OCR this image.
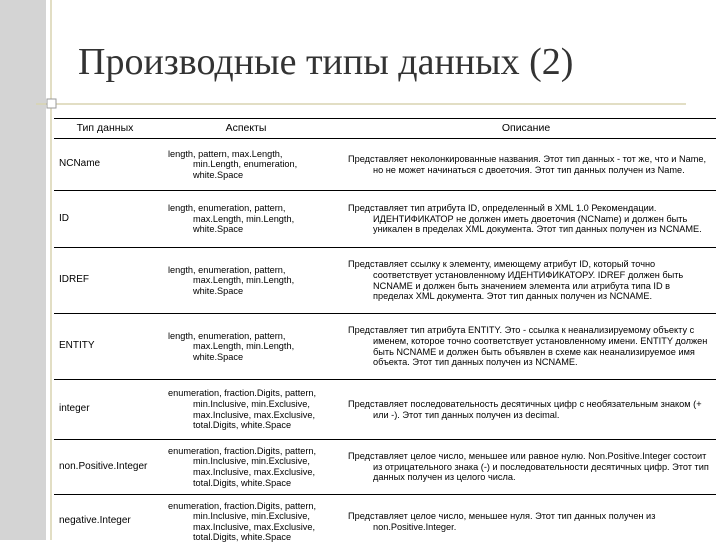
Производные типы данных (2)
Тип данных	Аспекты	Описание
NCName	length, pattern, max.Length, min.Length, enumeration, white.Space	Представляет неколонкированные названия. Этот тип данных - тот же, что и Name, но не может начинаться с двоеточия. Этот тип данных получен из Name.

ID	length, enumeration, pattern, max.Length, min.Length, white.Space	Представляет тип атрибута ID, определенный в XML 1.0 Рекомендации. ИДЕНТИФИКАТОР не должен иметь двоеточия (NCName) и должен быть уникален в пределах XML документа. Этот тип данных получен из NCNAME.

IDREF	length, enumeration, pattern, max.Length, min.Length, white.Space	Представляет ссылку к элементу, имеющему атрибут ID, который точно соответствует установленному ИДЕНТИФИКАТОРУ. IDREF должен быть NCNAME и должен быть значением элемента или атрибута типа ID в пределах XML документа. Этот тип данных получен из NCNAME.

ENTITY	length, enumeration, pattern, max.Length, min.Length, white.Space	Представляет тип атрибута ENTITY. Это - ссылка к неанализируемому объекту с именем, которое точно соответствует установленному имени. ENTITY должен быть NCNAME и должен быть объявлен в схеме как неанализируемое имя объекта. Этот тип данных получен из NCNAME.

integer	enumeration, fraction.Digits, pattern, min.Inclusive, min.Exclusive, max.Inclusive, max.Exclusive, total.Digits, white.Space	Представляет последовательность десятичных цифр с необязательным знаком (+ или -). Этот тип данных получен из decimal.

non.Positive.Integer	enumeration, fraction.Digits, pattern, min.Inclusive, min.Exclusive, max.Inclusive, max.Exclusive, total.Digits, white.Space	Представляет целое число, меньшее или равное нулю. Non.Positive.Integer состоит из отрицательного знака (-) и последовательности десятичных цифр. Этот тип данных получен из целого числа.

negative.Integer	enumeration, fraction.Digits, pattern, min.Inclusive, min.Exclusive, max.Inclusive, max.Exclusive, total.Digits, white.Space	Представляет целое число, меньшее нуля. Этот тип данных получен из non.Positive.Integer.
